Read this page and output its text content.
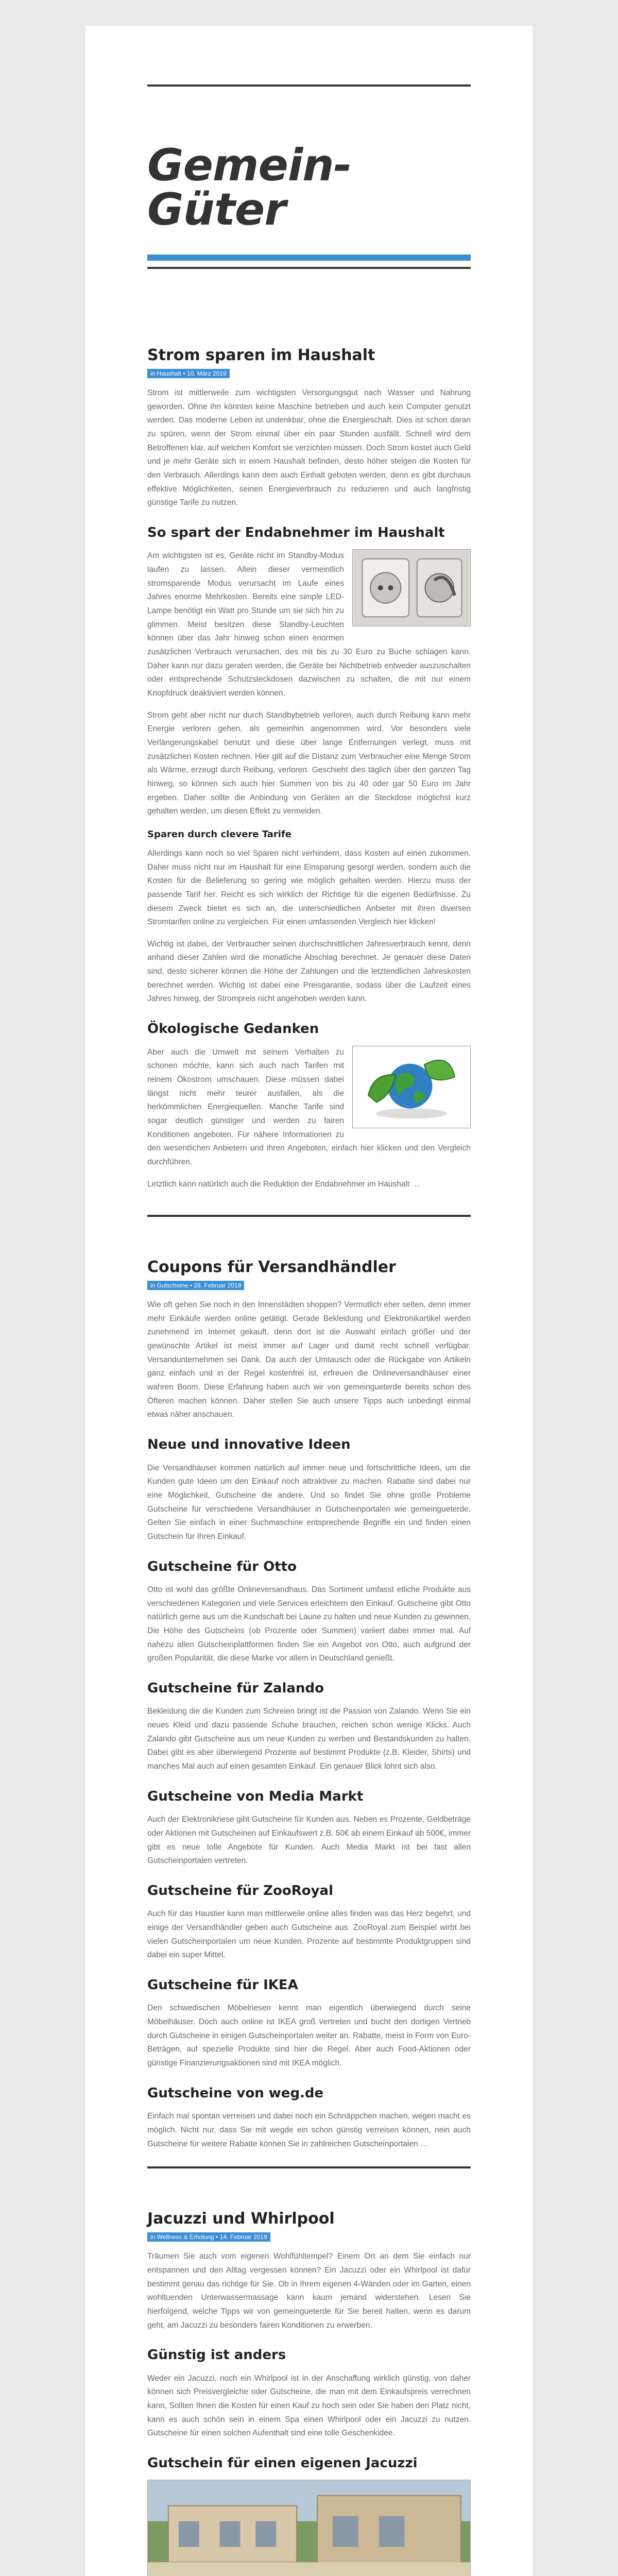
Gemein-Güter
Strom sparen im Haushalt
in Haushalt • 10. März 2019

Strom ist mittlerweile zum wichtigsten Versorgungsgut nach Wasser und Nahrung geworden. Ohne ihn könnten keine Maschine betrieben und auch kein Computer genutzt werden. Das moderne Leben ist undenkbar, ohne die Energieschaft. Dies ist schon daran zu spüren, wenn der Strom einmal über ein paar Stunden ausfällt. Schnell wird dem Betroffenen klar, auf welchen Komfort sie verzichten müssen. Doch Strom kostet auch Geld und je mehr Geräte sich in einem Haushalt befinden, desto höher steigen die Kosten für den Verbrauch. Allerdings kann dem auch Einhalt geboten werden, denn es gibt durchaus effektive Möglichkeiten, seinen Energieverbrauch zu reduzieren und auch langfristig günstige Tarife zu nutzen.

So spart der Endabnehmer im Haushalt

Am wichtigsten ist es, Geräte nicht im Standby-Modus laufen zu lassen. Allein dieser vermeintlich stromsparende Modus verursacht im Laufe eines Jahres enorme Mehrkosten. Bereits eine simple LED-Lampe benötigt ein Watt pro Stunde um sie sich hin zu glimmen. Meist besitzen diese Standby-Leuchten können über das Jahr hinweg schon einen enormen zusätzlichen Verbrauch verursachen, des mit bis zu 30 Euro zu Buche schlagen kann. Daher kann nur dazu geraten werden, die Geräte bei Nichtbetrieb entweder auszuschalten oder entsprechende Schutzsteckdosen dazwischen zu schalten, die mit nur einem Knopfdruck deaktiviert werden können.

Strom geht aber nicht nur durch Standbybetrieb verloren, auch durch Reibung kann mehr Energie verloren gehen, als gemeinhin angenommen wird. Vor besonders viele Verlängerungskabel benutzt und diese über lange Entfernungen verlegt, muss mit zusätzlichen Kosten rechnen. Hier gilt auf die Distanz zum Verbraucher eine Menge Strom als Wärme, erzeugt durch Reibung, verloren. Geschieht dies täglich über den ganzen Tag hinweg, so können sich auch hier Summen von bis zu 40 oder gar 50 Euro im Jahr ergeben. Daher sollte die Anbindung von Geräten an die Steckdose möglichst kurz gehalten werden, um diesen Effekt zu vermeiden.

Sparen durch clevere Tarife

Allerdings kann noch so viel Sparen nicht verhindern, dass Kosten auf einen zukommen. Daher muss nicht nur im Haushalt für eine Einsparung gesorgt werden, sondern auch die Kosten für die Belieferung so gering wie möglich gehalten werden. Hierzu muss der passende Tarif her. Reicht es sich wirklich der Richtige für die eigenen Bedürfnisse. Zu diesem Zweck bietet es sich an, die unterschiedlichen Anbieter mit ihren diversen Stromtarifen online zu vergleichen. Für einen umfassenden Vergleich hier klicken!

Wichtig ist dabei, der Verbraucher seinen durchschnittlichen Jahresverbrauch kennt, denn anhand dieser Zahlen wird die monatliche Abschlag berechnet. Je genauer diese Daten sind, desto sicherer können die Höhe der Zahlungen und die letztendlichen Jahreskosten berechnet werden. Wichtig ist dabei eine Preisgarantie, sodass über die Laufzeit eines Jahres hinweg, der Strompreis nicht angehoben werden kann.

Ökologische Gedanken

Aber auch die Umwelt mit seinem Verhalten zu schonen möchte, kann sich auch nach Tarifen mit reinem Ökostrom umschauen. Diese müssen dabei längst nicht mehr teurer ausfallen, als die herkömmlichen Energiequellen. Manche Tarife sind sogar deutlich günstiger und werden zu fairen Konditionen angeboten. Für nähere Informationen zu den wesentlichen Anbietern und ihren Angeboten, einfach hier klicken und den Vergleich durchführen.

Letztlich kann natürlich auch die Reduktion der Endabnehmer im Haushalt …

Coupons für Versandhändler
in Gutscheine • 28. Februar 2019

Wie oft gehen Sie noch in den Innenstädten shoppen? Vermutlich eher selten, denn immer mehr Einkäufe werden online getätigt. Gerade Bekleidung und Elektronikartikel werden zunehmend im Internet gekauft, denn dort ist die Auswahl einfach größer und der gewünschte Artikel ist meist immer auf Lager und damit recht schnell verfügbar. Versandunternehmen sei Dank. Da auch der Umtausch oder die Rückgabe von Artikeln ganz einfach und in der Regel kostenfrei ist, erfreuen die Onlineversandhäuser einer wahren Boom. Diese Erfahrung haben auch wir von gemeingueterde bereits schon des Öfteren machen können. Daher stellen Sie auch unsere Tipps auch unbedingt einmal etwas näher anschauen.

Neue und innovative Ideen

Die Versandhäuser kommen natürlich auf immer neue und fortschrittliche Ideen, um die Kunden gute Ideen um den Einkauf noch attraktiver zu machen. Rabatte sind dabei nur eine Möglichkeit, Gutscheine die andere. Und so findet Sie ohne große Probleme Gutscheine für verschiedene Versandhäuser in Gutscheinportalen wie gemeingueterde. Gelten Sie einfach in einer Suchmaschine entsprechende Begriffe ein und finden einen Gutschein für Ihren Einkauf.

Gutscheine für Otto

Otto ist wohl das größte Onlineversandhaus. Das Sortiment umfasst etliche Produkte aus verschiedenen Kategorien und viele Services erleichtern den Einkauf. Gutscheine gibt Otto natürlich gerne aus um die Kundschaft bei Laune zu halten und neue Kunden zu gewinnen. Die Höhe des Gutscheins (ob Prozente oder Summen) variiert dabei immer mal. Auf nahezu allen Gutscheinplattformen finden Sie ein Angebot von Otto, auch aufgrund der großen Popularität, die diese Marke vor allem in Deutschland genießt.

Gutscheine für Zalando

Bekleidung die die Kunden zum Schreien bringt ist die Passion von Zalando. Wenn Sie ein neues Kleid und dazu passende Schuhe brauchen, reichen schon wenige Klicks. Auch Zalando gibt Gutscheine aus um neue Kunden zu werben und Bestandskunden zu halten. Dabei gibt es aber überwiegend Prozente auf bestimmt Produkte (z.B. Kleider, Shirts) und manches Mal auch auf einen gesamten Einkauf. Ein genauer Blick lohnt sich also.

Gutscheine von Media Markt

Auch der Elektronikriese gibt Gutscheine für Kunden aus. Neben es Prozente, Geldbeträge oder Aktionen mit Gutscheinen auf Einkaufswert z.B. 50€ ab einem Einkauf ab 500€, immer gibt es neue tolle Angebote für Kunden. Auch Media Markt ist bei fast allen Gutscheinportalen vertreten.

Gutscheine für ZooRoyal

Auch für das Haustier kann man mittlerweile online alles finden was das Herz begehrt, und einige der Versandhändler geben auch Gutscheine aus. ZooRoyal zum Beispiel wirbt bei vielen Gutscheinportalen um neue Kunden. Prozente auf bestimmte Produktgruppen sind dabei ein super Mittel.

Gutscheine für IKEA

Den schwedischen Möbelriesen kennt man eigentlich überwiegend durch seine Möbelhäuser. Doch auch online ist IKEA groß vertreten und bucht den dortigen Vertrieb durch Gutscheine in einigen Gutscheinportalen weiter an. Rabatte, meist in Form von Euro-Beträgen, auf spezielle Produkte sind hier die Regel. Aber auch Food-Aktionen oder günstige Finanzierungsaktionen sind mit IKEA möglich.

Gutscheine von weg.de

Einfach mal spontan verreisen und dabei noch ein Schnäppchen machen, wegen macht es möglich. Nicht nur, dass Sie mit wegde ein schon günstig verreisen können, nein auch Gutscheine für weitere Rabatte können Sie in zahlreichen Gutscheinportalen …

Jacuzzi und Whirlpool
in Wellness & Erholung • 14. Februar 2019

Träumen Sie auch vom eigenen Wohlfühltempel? Einem Ort an dem Sie einfach nur entspannen und den Alltag vergessen können? Ein Jacuzzi oder ein Whirlpool ist dafür bestimmt genau das richtige für Sie. Ob in Ihrem eigenen 4-Wänden oder im Garten, einen wohltuenden Unterwassermassage kann kaum jemand widerstehen. Lesen Sie hierfolgend, welche Tipps wir von gemeingueterde für Sie bereit halten, wenn es darum geht, am Jacuzzi zu besonders fairen Konditionen zu erwerben.

Günstig ist anders

Weder ein Jacuzzi, noch ein Whirlpool ist in der Anschaffung wirklich günstig, von daher können sich Preisvergleiche oder Gutscheine, die man mit dem Einkaufspreis verrechnen kann, Sollten Ihnen die Kosten für einen Kauf zu hoch sein oder Sie haben den Platz nicht, kann es auch schön sein in einem Spa einen Whirlpool oder ein Jacuzzi zu nutzen. Gutscheine für einen solchen Aufenthalt sind eine tolle Geschenkidee.

Gutschein für einen eigenen Jacuzzi
